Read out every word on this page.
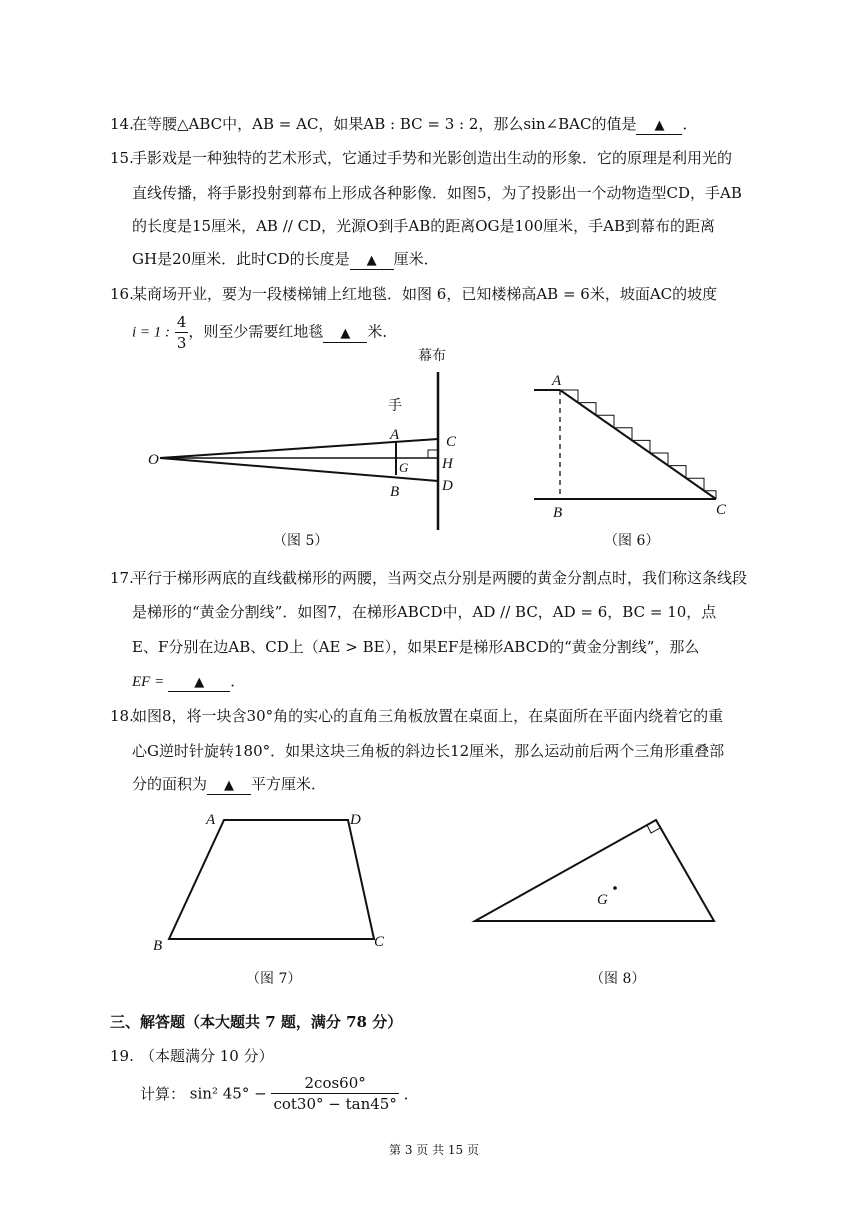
14.
在等腰△ABC中，AB = AC，如果AB : BC = 3 : 2，那么sin∠BAC的值是 ▲ ．
15.
手影戏是一种独特的艺术形式，它通过手势和光影创造出生动的形象．它的原理是利用光的
直线传播，将手影投射到幕布上形成各种影像．如图5，为了投影出一个动物造型CD，手AB
的长度是15厘米，AB // CD，光源O到手AB的距离OG是100厘米，手AB到幕布的距离
GH是20厘米．此时CD的长度是 ▲ 厘米．
16.
某商场开业，要为一段楼梯铺上红地毯．如图 6，已知楼梯高AB = 6米，坡面AC的坡度
i = 1 : $\frac{4}{3}$ ，则至少需要红地毯 ▲ 米．
幕布
手
O
A
B
C
D
G H
（图 5）
A
B	C
（图 6）
17.
平行于梯形两底的直线截梯形的两腰，当两交点分别是两腰的黄金分割点时，我们称这条线段
是梯形的“黄金分割线”．如图7，在梯形ABCD中，AD // BC，AD = 6，BC = 10，点
E、F分别在边AB、CD上（AE > BE），如果EF是梯形ABCD的“黄金分割线”，那么
EF = ▲ ．
18.
如图8，将一块含30°角的实心的直角三角板放置在桌面上，在桌面所在平面内绕着它的重
心G逆时针旋转180°．如果这块三角板的斜边长12厘米，那么运动前后两个三角形重叠部
分的面积为 ▲ 平方厘米．
A	D
B	C
（图 7）
G
（图 8）
三、解答题（本大题共 7 题，满分 78 分）
19. （本题满分 10 分）
计算： sin² $45^\circ - \frac{2\cos 60^\circ}{\cot 30^\circ - \tan 45^\circ}$ ．
第 3 页 共 15 页
